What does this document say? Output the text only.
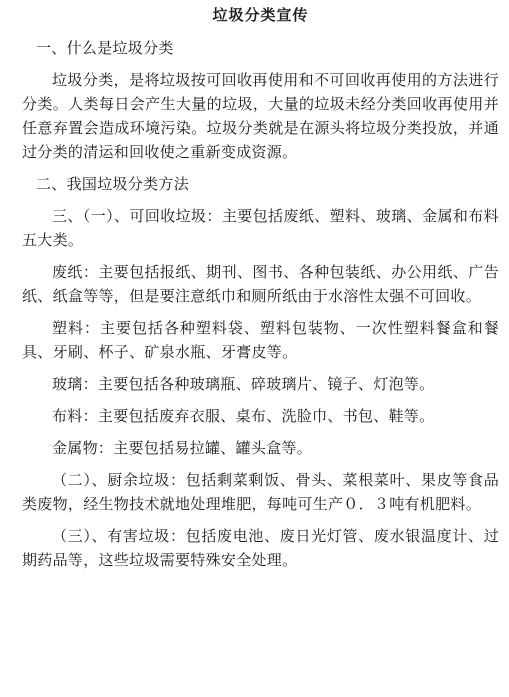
垃圾分类宣传

一、什么是垃圾分类

垃圾分类，是将垃圾按可回收再使用和不可回收再使用的方法进行分类。人类每日会产生大量的垃圾，大量的垃圾未经分类回收再使用并任意弃置会造成环境污染。垃圾分类就是在源头将垃圾分类投放，并通过分类的清运和回收使之重新变成资源。

二、我国垃圾分类方法

三、（一）、可回收垃圾：主要包括废纸、塑料、玻璃、金属和布料五大类。

废纸：主要包括报纸、期刊、图书、各种包装纸、办公用纸、广告纸、纸盒等等，但是要注意纸巾和厕所纸由于水溶性太强不可回收。

塑料：主要包括各种塑料袋、塑料包装物、一次性塑料餐盒和餐具、牙刷、杯子、矿泉水瓶、牙膏皮等。

玻璃：主要包括各种玻璃瓶、碎玻璃片、镜子、灯泡等。

布料：主要包括废弃衣服、桌布、洗脸巾、书包、鞋等。

金属物：主要包括易拉罐、罐头盒等。

（二）、厨余垃圾：包括剩菜剩饭、骨头、菜根菜叶、果皮等食品类废物，经生物技术就地处理堆肥，每吨可生产０．３吨有机肥料。

（三）、有害垃圾：包括废电池、废日光灯管、废水银温度计、过期药品等，这些垃圾需要特殊安全处理。
